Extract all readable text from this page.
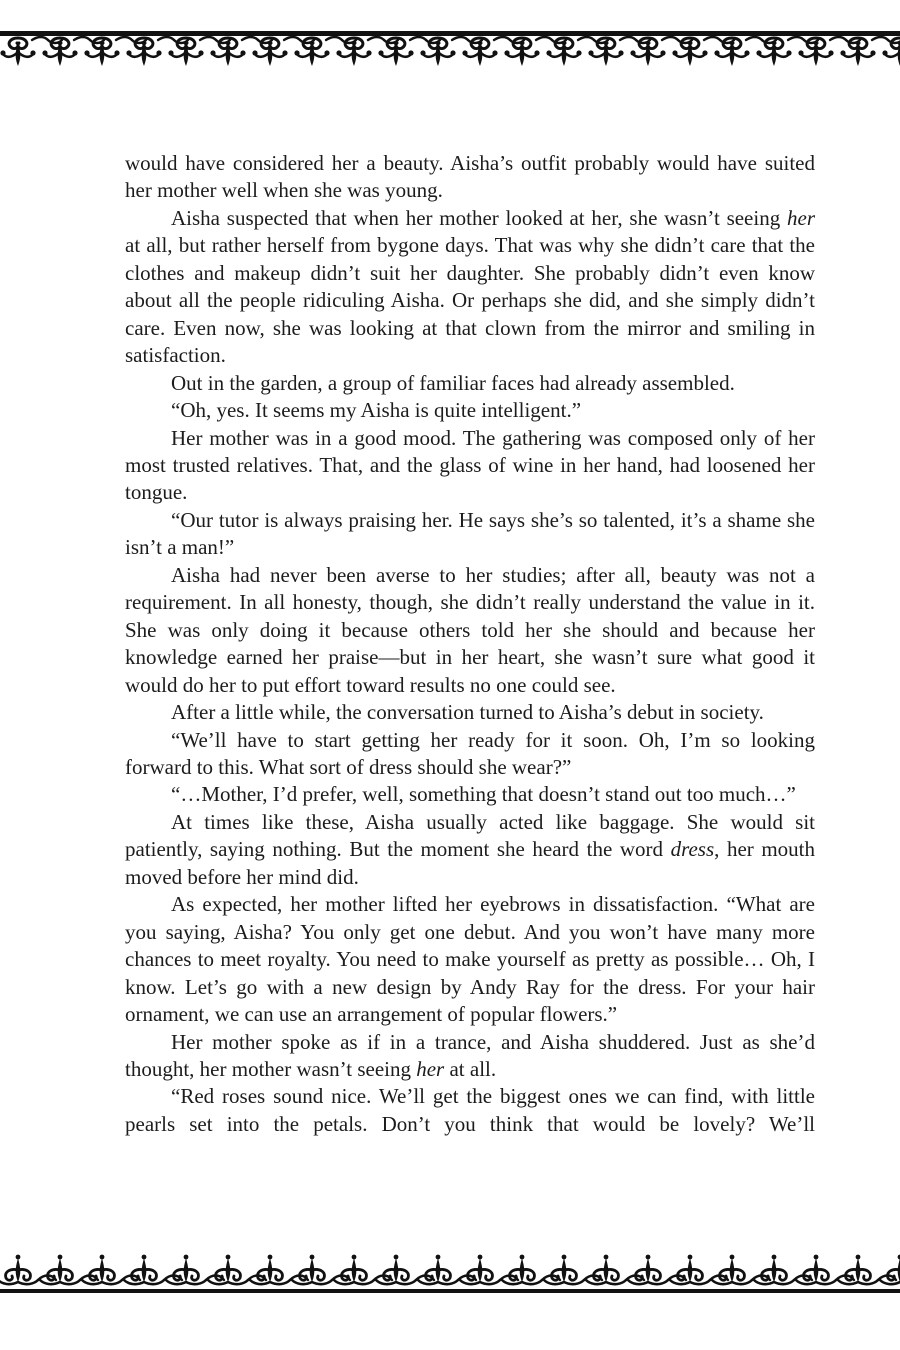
would have considered her a beauty. Aisha’s outfit probably would have suited her mother well when she was young.

Aisha suspected that when her mother looked at her, she wasn’t seeing her at all, but rather herself from bygone days. That was why she didn’t care that the clothes and makeup didn’t suit her daughter. She probably didn’t even know about all the people ridiculing Aisha. Or perhaps she did, and she simply didn’t care. Even now, she was looking at that clown from the mirror and smiling in satisfaction.

Out in the garden, a group of familiar faces had already assembled.

“Oh, yes. It seems my Aisha is quite intelligent.”

Her mother was in a good mood. The gathering was composed only of her most trusted relatives. That, and the glass of wine in her hand, had loosened her tongue.

“Our tutor is always praising her. He says she’s so talented, it’s a shame she isn’t a man!”

Aisha had never been averse to her studies; after all, beauty was not a requirement. In all honesty, though, she didn’t really understand the value in it. She was only doing it because others told her she should and because her knowledge earned her praise—but in her heart, she wasn’t sure what good it would do her to put effort toward results no one could see.

After a little while, the conversation turned to Aisha’s debut in society.

“We’ll have to start getting her ready for it soon. Oh, I’m so looking forward to this. What sort of dress should she wear?”

“…Mother, I’d prefer, well, something that doesn’t stand out too much…”

At times like these, Aisha usually acted like baggage. She would sit patiently, saying nothing. But the moment she heard the word dress, her mouth moved before her mind did.

As expected, her mother lifted her eyebrows in dissatisfaction. “What are you saying, Aisha? You only get one debut. And you won’t have many more chances to meet royalty. You need to make yourself as pretty as possible… Oh, I know. Let’s go with a new design by Andy Ray for the dress. For your hair ornament, we can use an arrangement of popular flowers.”

Her mother spoke as if in a trance, and Aisha shuddered. Just as she’d thought, her mother wasn’t seeing her at all.

“Red roses sound nice. We’ll get the biggest ones we can find, with little pearls set into the petals. Don’t you think that would be lovely? We’ll
